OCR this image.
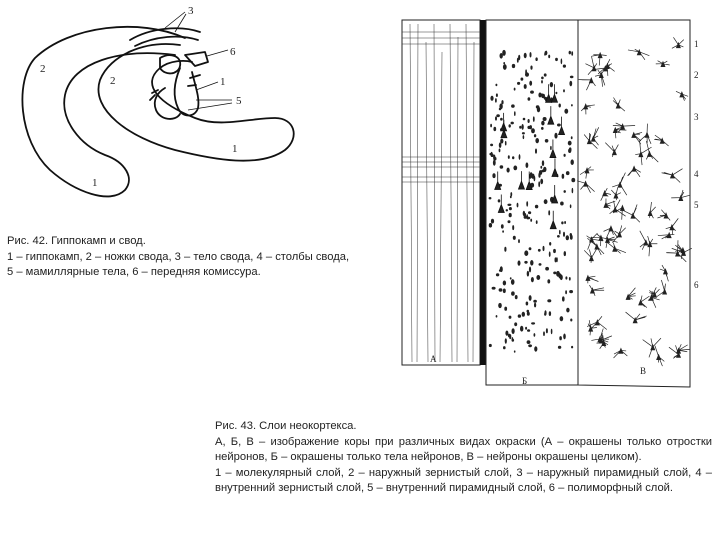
3
6
2
2	1
5
1
1
Рис. 42. Гиппокамп и свод.
1 – гиппокамп, 2 – ножки свода, 3 – тело свода, 4 – столбы свода, 5 – мамиллярные тела, 6 – передняя комиссура.
1
2
3
4
5
6
A
Б
B
Рис. 43. Слои неокортекса.
А, Б, В – изображение коры при различных видах окраски (А – окрашены только отростки нейронов, Б – окрашены только тела нейронов, В – нейроны окрашены целиком).
1 – молекулярный слой, 2 – наружный зернистый слой, 3 – наружный пирамидный слой, 4 – внутренний зернистый слой, 5 – внутренний пирамидный слой, 6 – полиморфный слой.
